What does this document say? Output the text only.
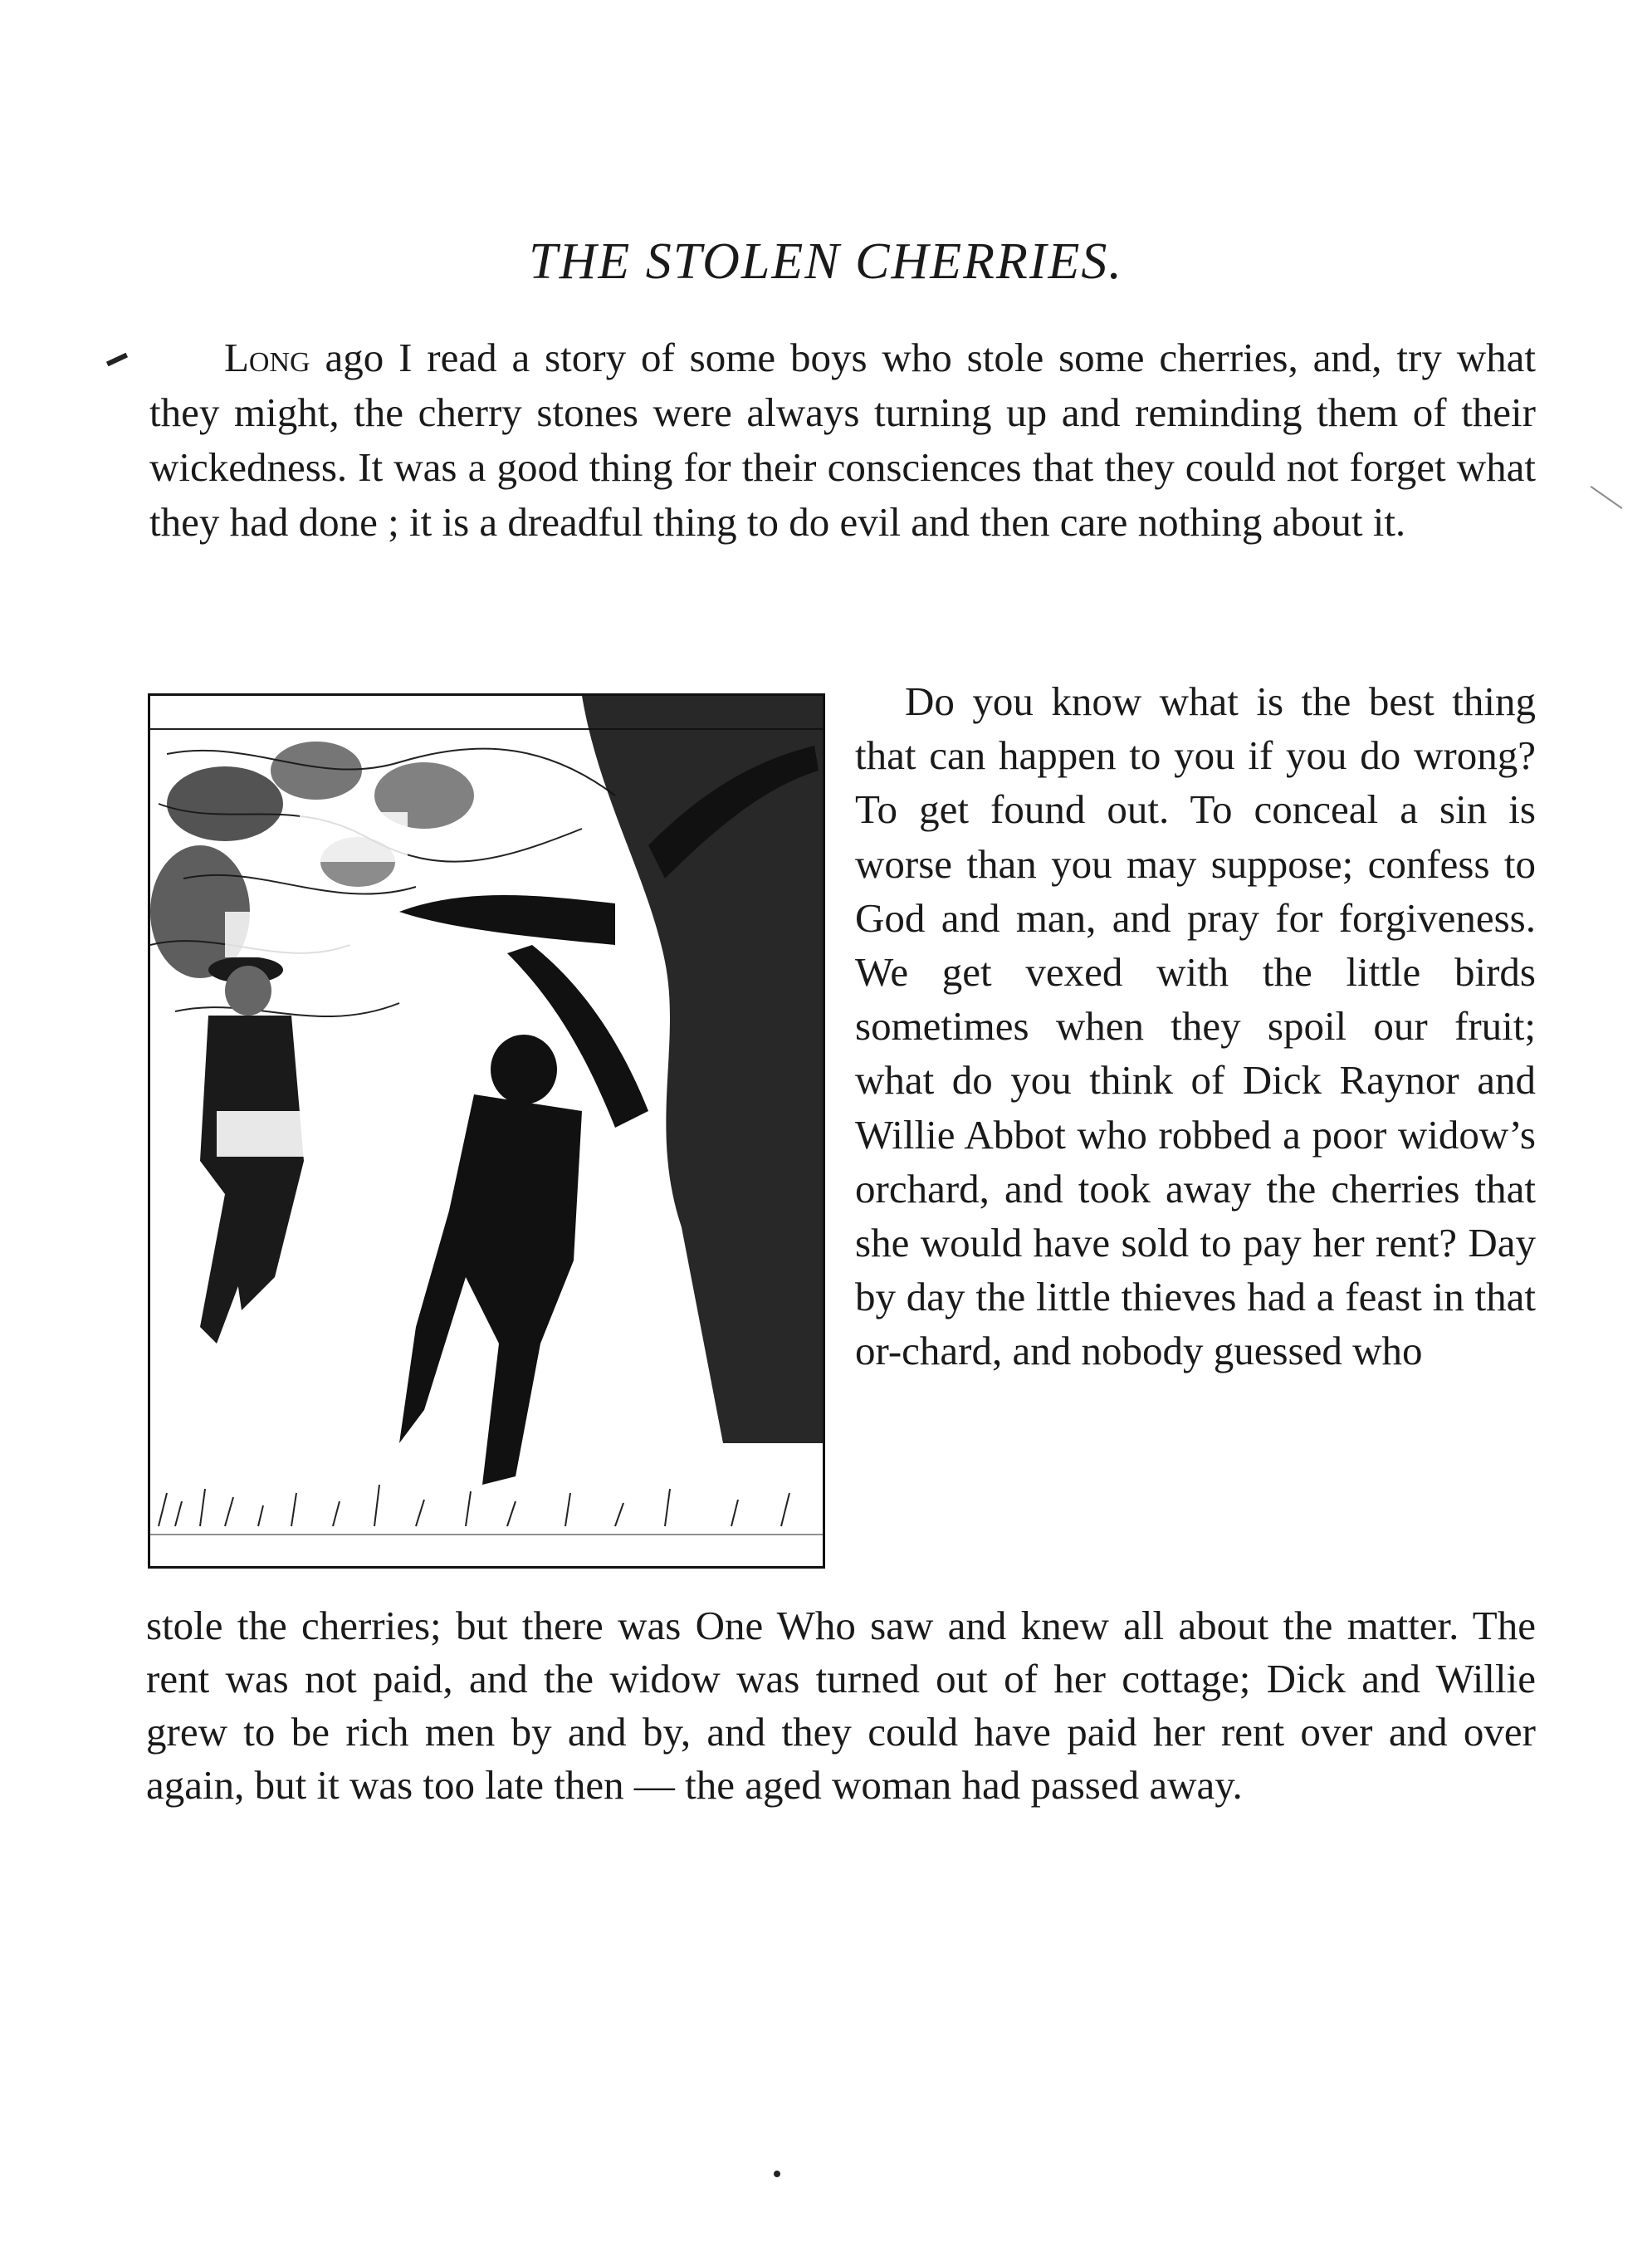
THE STOLEN CHERRIES.
Long ago I read a story of some boys who stole some cherries, and, try what they might, the cherry stones were always turning up and reminding them of their wickedness. It was a good thing for their consciences that they could not forget what they had done ; it is a dreadful thing to do evil and then care nothing about it.
Do you know what is the best thing that can happen to you if you do wrong? To get found out. To conceal a sin is worse than you may suppose; confess to God and man, and pray for forgiveness. We get vexed with the little birds sometimes when they spoil our fruit; what do you think of Dick Raynor and Willie Abbot who robbed a poor widow’s orchard, and took away the cherries that she would have sold to pay her rent? Day by day the little thieves had a feast in that or-chard, and nobody guessed who
stole the cherries; but there was One Who saw and knew all about the matter. The rent was not paid, and the widow was turned out of her cottage; Dick and Willie grew to be rich men by and by, and they could have paid her rent over and over again, but it was too late then — the aged woman had passed away.
